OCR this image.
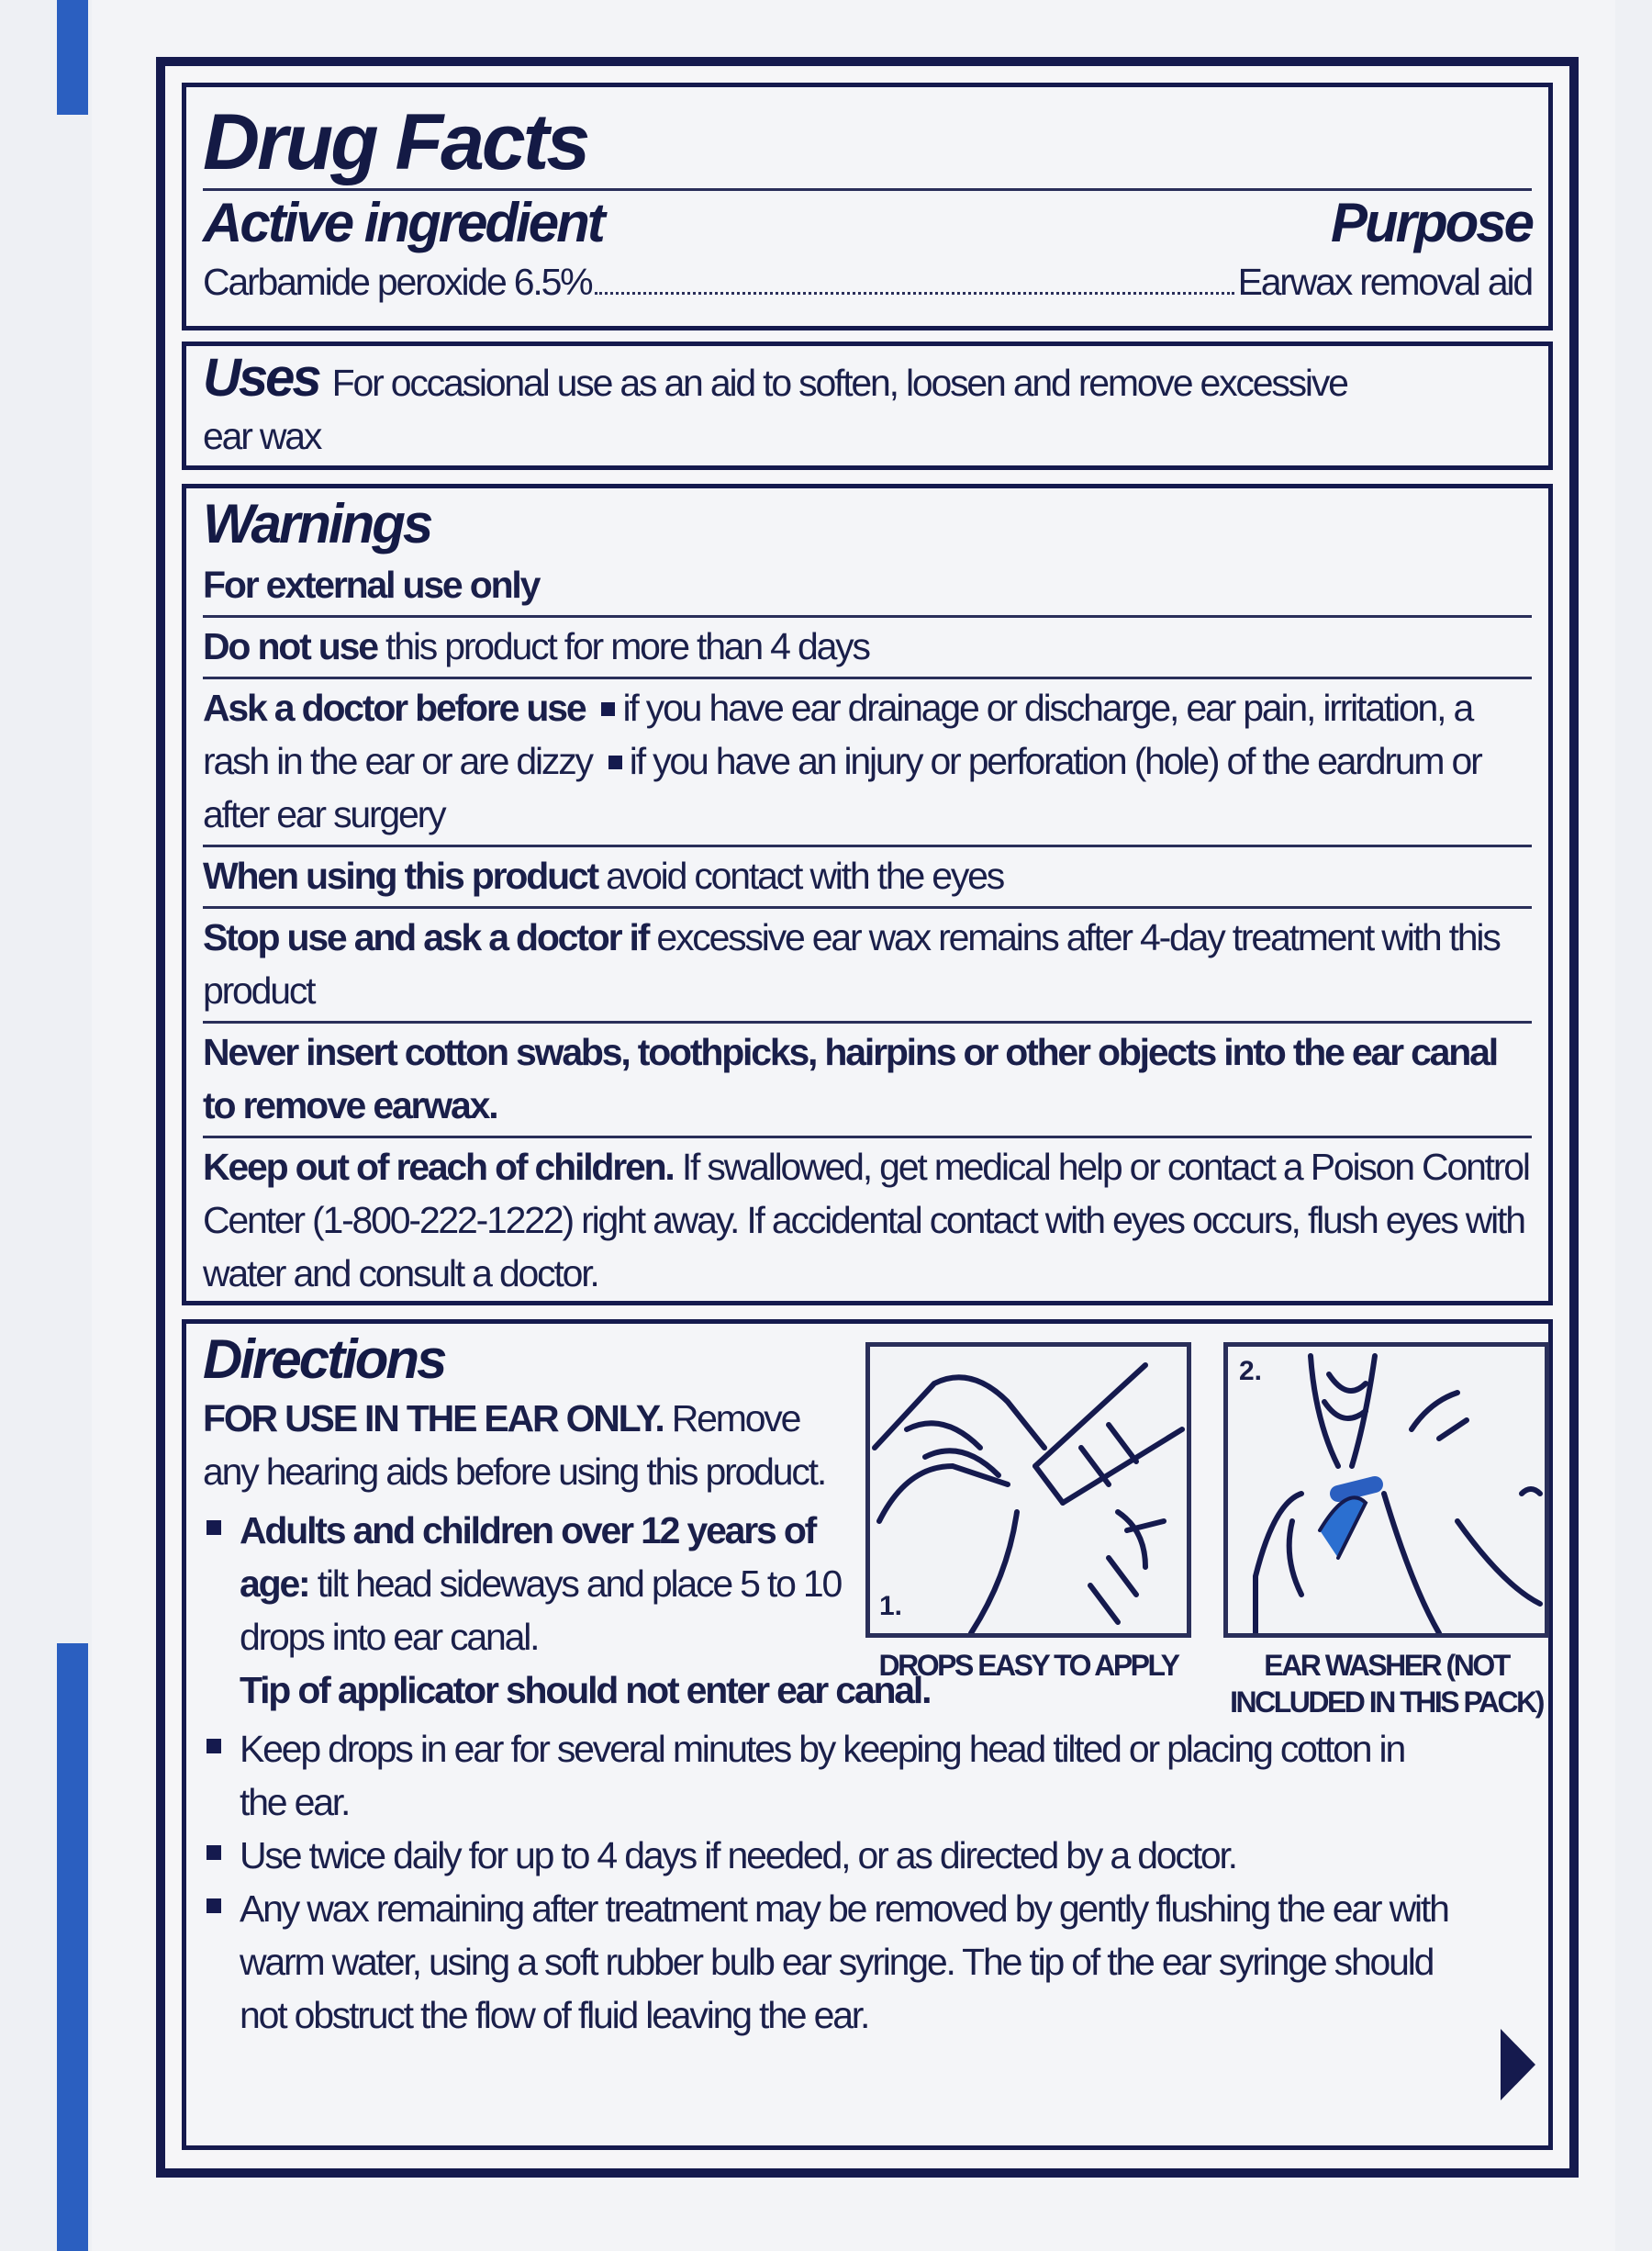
Drug Facts
Active ingredient	Purpose
Carbamide peroxide 6.5%	Earwax removal aid
Uses For occasional use as an aid to soften, loosen and remove excessive ear wax
Warnings
For external use only
Do not use this product for more than 4 days
Ask a doctor before use if you have ear drainage or discharge, ear pain, irritation, a rash in the ear or are dizzy if you have an injury or perforation (hole) of the eardrum or after ear surgery
When using this product avoid contact with the eyes
Stop use and ask a doctor if excessive ear wax remains after 4-day treatment with this product
Never insert cotton swabs, toothpicks, hairpins or other objects into the ear canal to remove earwax.
Keep out of reach of children. If swallowed, get medical help or contact a Poison Control Center (1-800-222-1222) right away. If accidental contact with eyes occurs, flush eyes with water and consult a doctor.
Directions
FOR USE IN THE EAR ONLY. Remove any hearing aids before using this product.
Adults and children over 12 years of age: tilt head sideways and place 5 to 10 drops into ear canal.
Tip of applicator should not enter ear canal.
Keep drops in ear for several minutes by keeping head tilted or placing cotton in the ear.
Use twice daily for up to 4 days if needed, or as directed by a doctor.
Any wax remaining after treatment may be removed by gently flushing the ear with warm water, using a soft rubber bulb ear syringe. The tip of the ear syringe should not obstruct the flow of fluid leaving the ear.
1.
DROPS EASY TO APPLY
2.
EAR WASHER (NOT INCLUDED IN THIS PACK)
